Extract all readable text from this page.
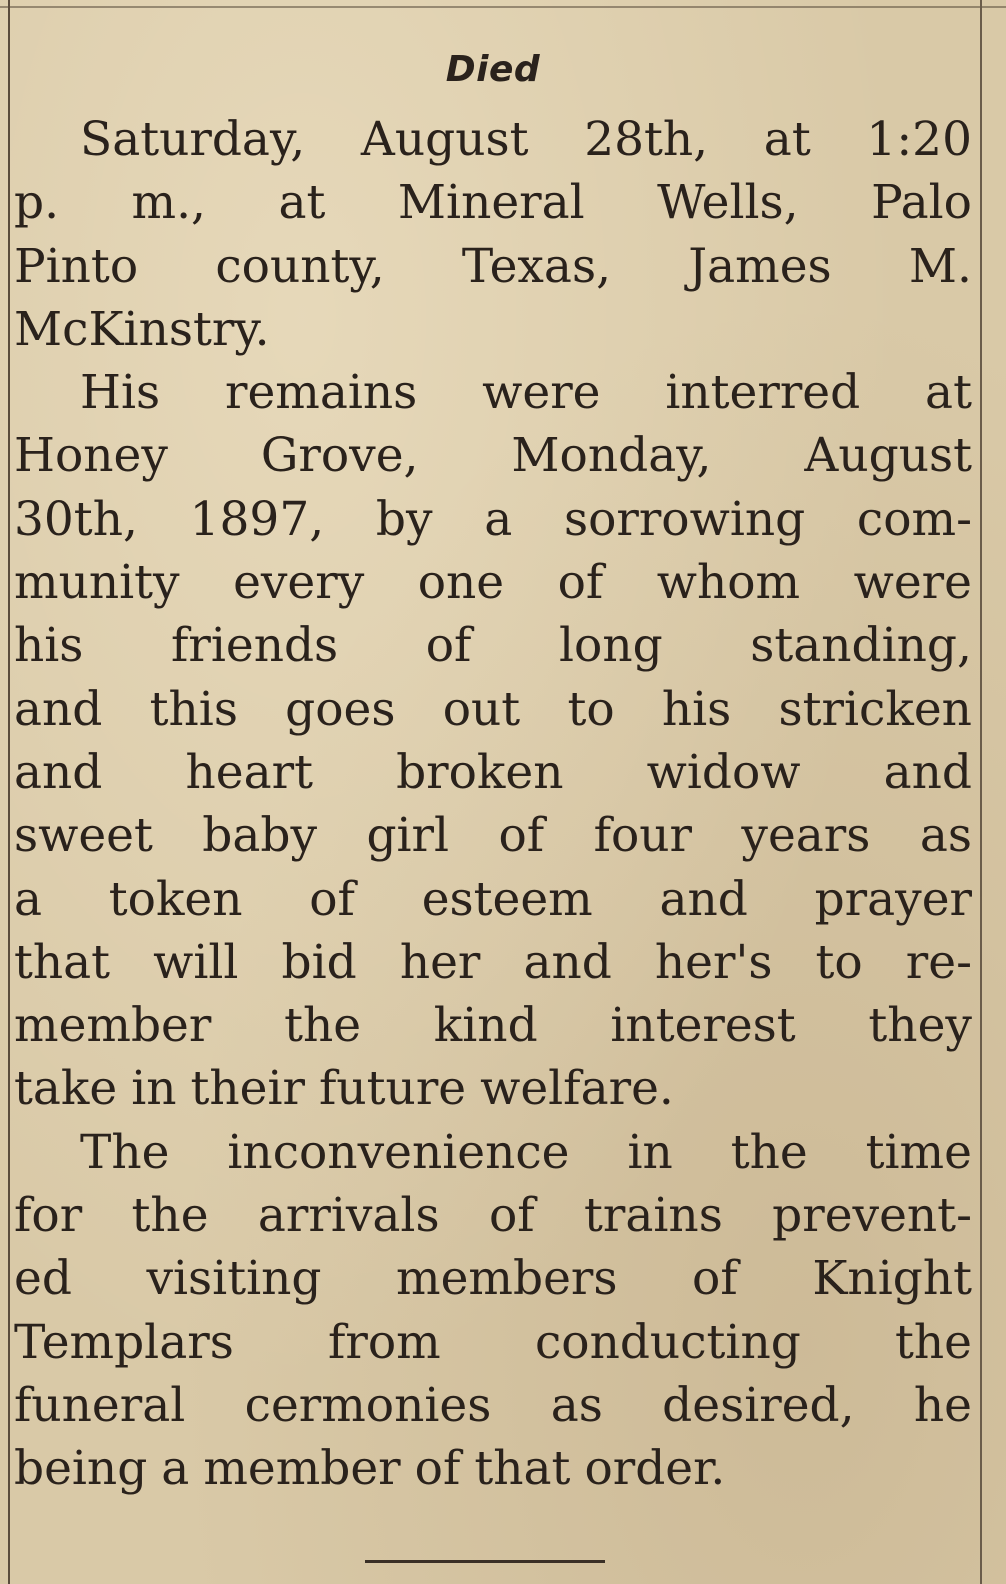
Died
Saturday, August 28th, at 1:20
p. m., at Mineral Wells, Palo
Pinto county, Texas, James M.
McKinstry.
His remains were interred at
Honey Grove, Monday, August
30th, 1897, by a sorrowing com-
munity every one of whom were
his friends of long standing,
and this goes out to his stricken
and heart broken widow and
sweet baby girl of four years as
a token of esteem and prayer
that will bid her and her's to re-
member the kind interest they
take in their future welfare.
The inconvenience in the time
for the arrivals of trains prevent-
ed visiting members of Knight
Templars from conducting the
funeral cermonies as desired, he
being a member of that order.
